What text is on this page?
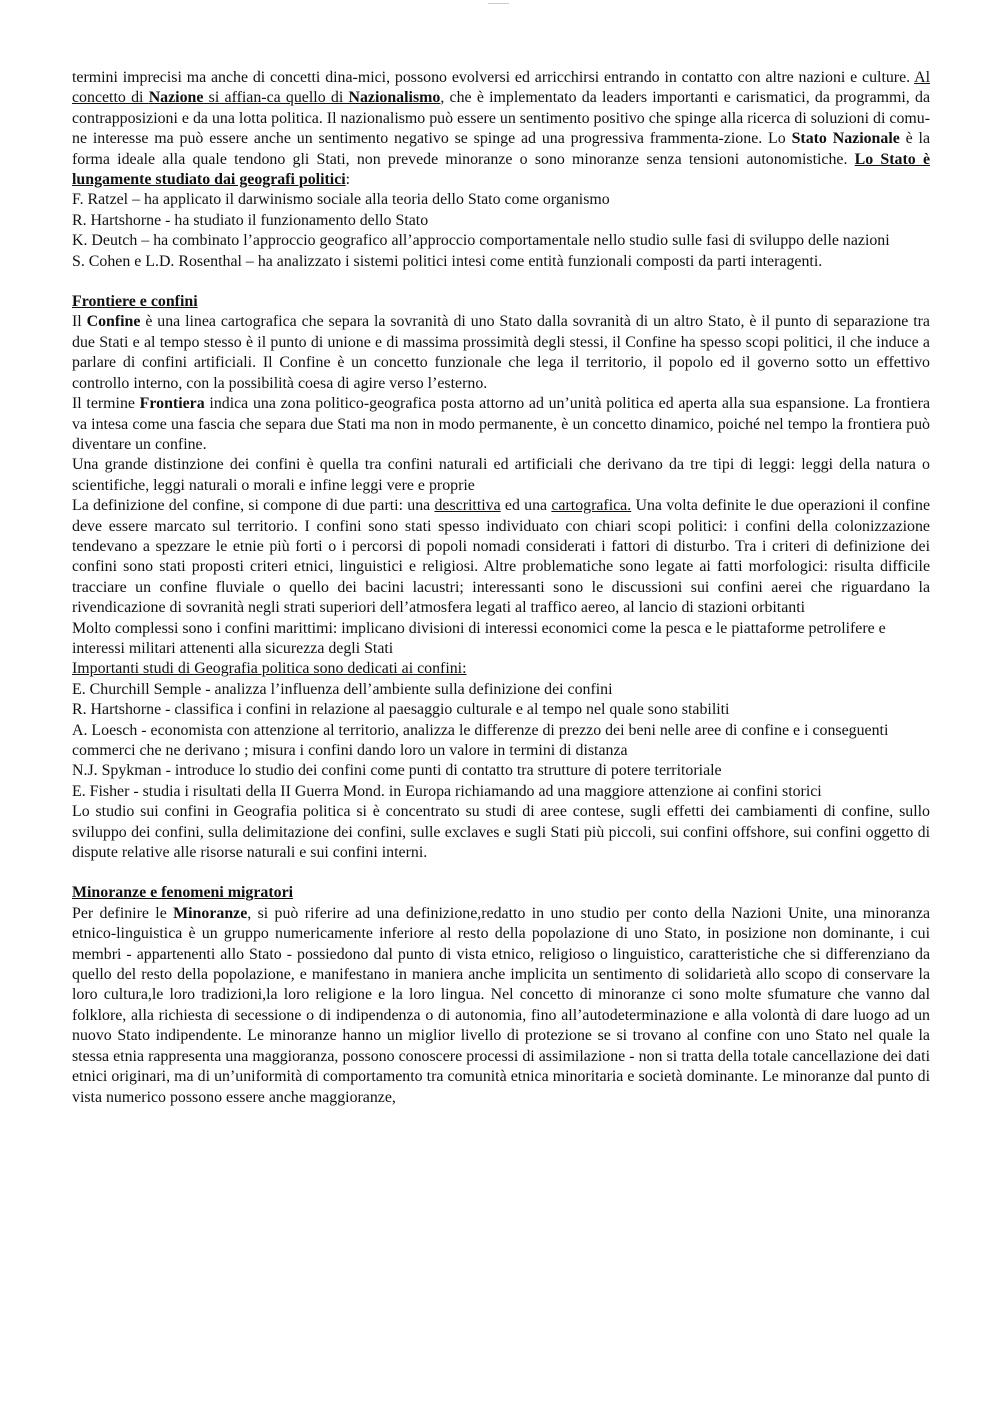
———
termini imprecisi ma anche di concetti dina-mici, possono evolversi ed arricchirsi entrando in contatto con altre nazioni e culture. Al concetto di Nazione si affian-ca quello di Nazionalismo, che è implementato da leaders importanti e carismatici, da programmi, da contrapposizioni e da una lotta politica. Il nazionalismo può essere un sentimento positivo che spinge alla ricerca di soluzioni di comu-ne interesse ma può essere anche un sentimento negativo se spinge ad una progressiva frammenta-zione. Lo Stato Nazionale è la forma ideale alla quale tendono gli Stati, non prevede minoranze o sono minoranze senza tensioni autonomistiche. Lo Stato è lungamente studiato dai geografi politici:
F. Ratzel – ha applicato il darwinismo sociale alla teoria dello Stato come organismo
R. Hartshorne - ha studiato il funzionamento dello Stato
K. Deutch – ha combinato l’approccio geografico all’approccio comportamentale nello studio sulle fasi di sviluppo delle nazioni
S. Cohen e L.D. Rosenthal – ha analizzato i sistemi politici intesi come entità funzionali composti da parti interagenti.
Frontiere e confini
Il Confine è una linea cartografica che separa la sovranità di uno Stato dalla sovranità di un altro Stato, è il punto di separazione tra due Stati e al tempo stesso è il punto di unione e di massima prossimità degli stessi, il Confine ha spesso scopi politici, il che induce a parlare di confini artificiali. Il Confine è un concetto funzionale che lega il territorio, il popolo ed il governo sotto un effettivo controllo interno, con la possibilità coesa di agire verso l’esterno.
Il termine Frontiera indica una zona politico-geografica posta attorno ad un’unità politica ed aperta alla sua espansione. La frontiera va intesa come una fascia che separa due Stati ma non in modo permanente, è un concetto dinamico, poiché nel tempo la frontiera può diventare un confine.
Una grande distinzione dei confini è quella tra confini naturali ed artificiali che derivano da tre tipi di leggi: leggi della natura o scientifiche, leggi naturali o morali e infine leggi vere e proprie
La definizione del confine, si compone di due parti: una descrittiva ed una cartografica. Una volta definite le due operazioni il confine deve essere marcato sul territorio. I confini sono stati spesso individuato con chiari scopi politici: i confini della colonizzazione tendevano a spezzare le etnie più forti o i percorsi di popoli nomadi considerati i fattori di disturbo. Tra i criteri di definizione dei confini sono stati proposti criteri etnici, linguistici e religiosi. Altre problematiche sono legate ai fatti morfologici: risulta difficile tracciare un confine fluviale o quello dei bacini lacustri; interessanti sono le discussioni sui confini aerei che riguardano la rivendicazione di sovranità negli strati superiori dell’atmosfera legati al traffico aereo, al lancio di stazioni orbitanti
Molto complessi sono i confini marittimi: implicano divisioni di interessi economici come la pesca e le piattaforme petrolifere e interessi militari attenenti alla sicurezza degli Stati
Importanti studi di Geografia politica sono dedicati ai confini:
E. Churchill Semple - analizza l’influenza dell’ambiente sulla definizione dei confini
R. Hartshorne - classifica i confini in relazione al paesaggio culturale e al tempo nel quale sono stabiliti
A. Loesch - economista con attenzione al territorio, analizza le differenze di prezzo dei beni nelle aree di confine e i conseguenti commerci che ne derivano ; misura i confini dando loro un valore in termini di distanza
N.J. Spykman - introduce lo studio dei confini come punti di contatto tra strutture di potere territoriale
E. Fisher - studia i risultati della II Guerra Mond. in Europa richiamando ad una maggiore attenzione ai confini storici
Lo studio sui confini in Geografia politica si è concentrato su studi di aree contese, sugli effetti dei cambiamenti di confine, sullo sviluppo dei confini, sulla delimitazione dei confini, sulle exclaves e sugli Stati più piccoli, sui confini offshore, sui confini oggetto di dispute relative alle risorse naturali e sui confini interni.
Minoranze e fenomeni migratori
Per definire le Minoranze, si può riferire ad una definizione,redatto in uno studio per conto della Nazioni Unite, una minoranza etnico-linguistica è un gruppo numericamente inferiore al resto della popolazione di uno Stato, in posizione non dominante, i cui membri - appartenenti allo Stato - possiedono dal punto di vista etnico, religioso o linguistico, caratteristiche che si differenziano da quello del resto della popolazione, e manifestano in maniera anche implicita un sentimento di solidarietà allo scopo di conservare la loro cultura,le loro tradizioni,la loro religione e la loro lingua. Nel concetto di minoranze ci sono molte sfumature che vanno dal folklore, alla richiesta di secessione o di indipendenza o di autonomia, fino all’autodeterminazione e alla volontà di dare luogo ad un nuovo Stato indipendente. Le minoranze hanno un miglior livello di protezione se si trovano al confine con uno Stato nel quale la stessa etnia rappresenta una maggioranza, possono conoscere processi di assimilazione - non si tratta della totale cancellazione dei dati etnici originari, ma di un’uniformità di comportamento tra comunità etnica minoritaria e società dominante. Le minoranze dal punto di vista numerico possono essere anche maggioranze,
